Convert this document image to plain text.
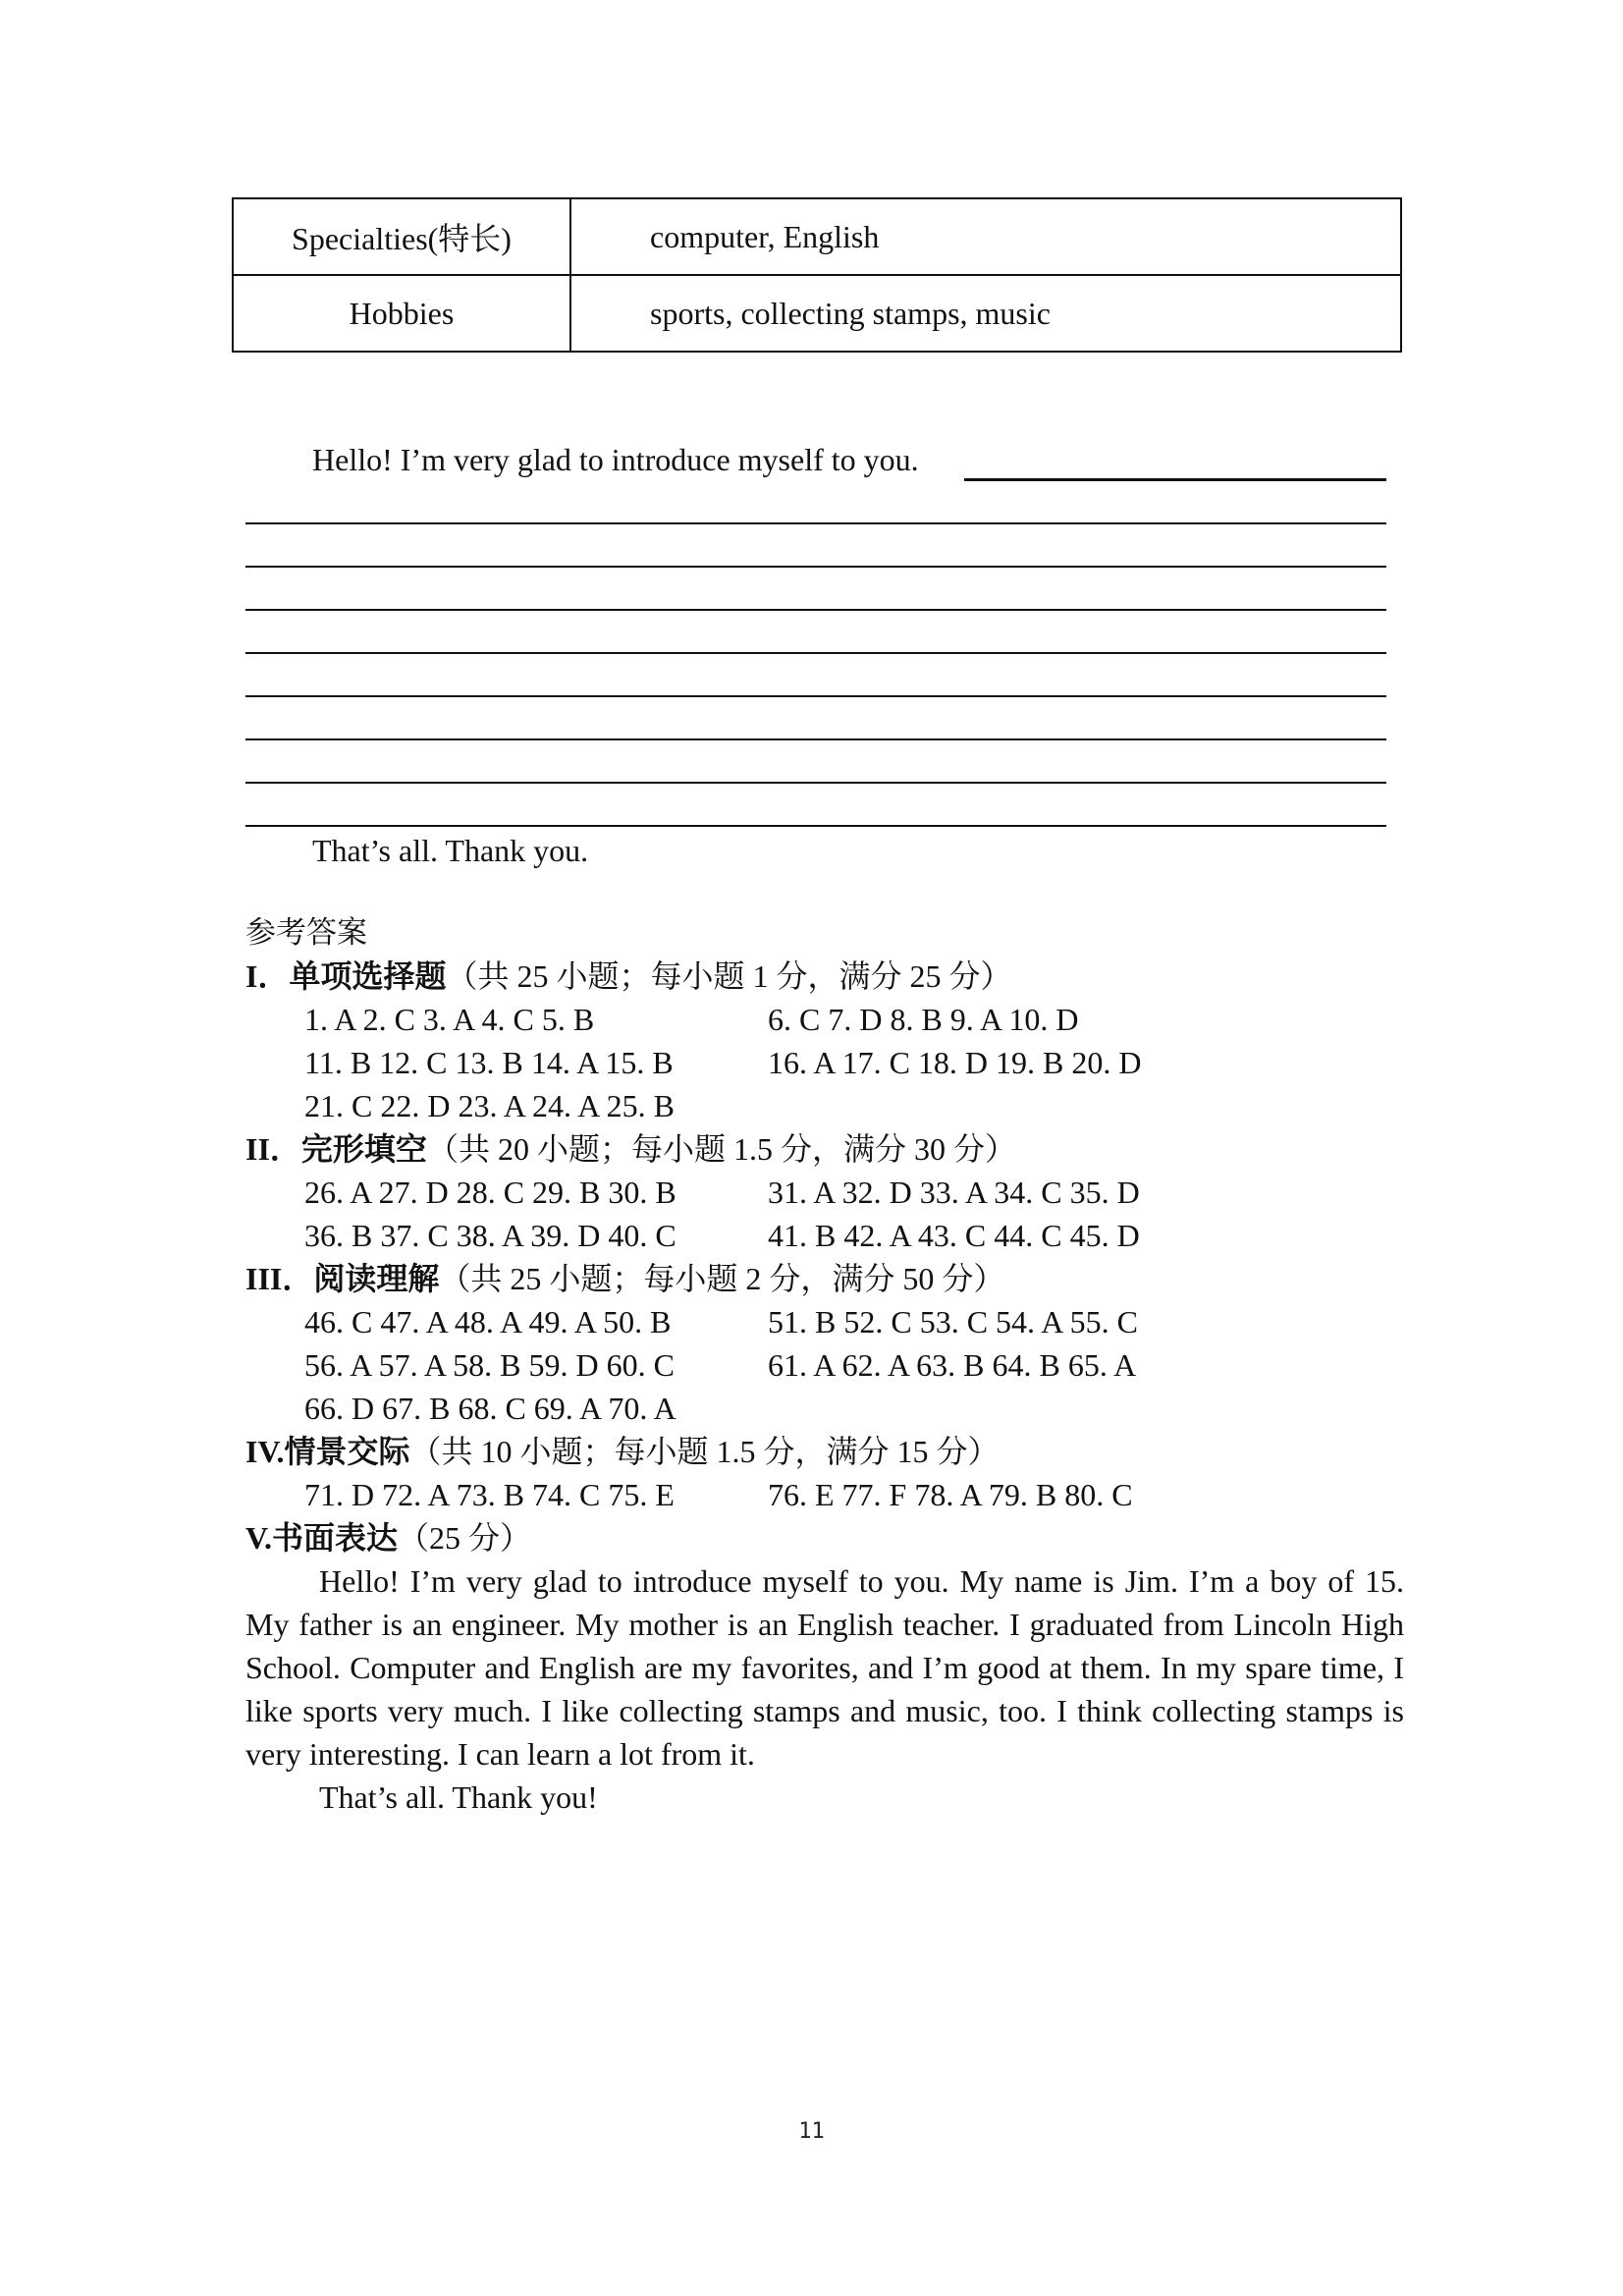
Specialties(特长)	computer, English
Hobbies	sports, collecting stamps, music
Hello! I’m very glad to introduce myself to you.
That’s all. Thank you.
参考答案
I．单项选择题（共 25 小题；每小题 1 分，满分 25 分）
1. A 2. C 3. A 4. C 5. B	6. C 7. D 8. B 9. A 10. D
11. B 12. C 13. B 14. A 15. B	16. A 17. C 18. D 19. B 20. D
21. C 22. D 23. A 24. A 25. B
II．完形填空（共 20 小题；每小题 1.5 分，满分 30 分）
26. A 27. D 28. C 29. B 30. B	31. A 32. D 33. A 34. C 35. D
36. B 37. C 38. A 39. D 40. C	41. B 42. A 43. C 44. C 45. D
III．阅读理解（共 25 小题；每小题 2 分，满分 50 分）
46. C 47. A 48. A 49. A 50. B	51. B 52. C 53. C 54. A 55. C
56. A 57. A 58. B 59. D 60. C	61. A 62. A 63. B 64. B 65. A
66. D 67. B 68. C 69. A 70. A
IV.情景交际（共 10 小题；每小题 1.5 分，满分 15 分）
71. D 72. A 73. B 74. C 75. E	76. E 77. F 78. A 79. B 80. C
V.书面表达（25 分）
Hello! I’m very glad to introduce myself to you. My name is Jim. I’m a boy of 15. My father is an engineer. My mother is an English teacher. I graduated from Lincoln High School. Computer and English are my favorites, and I’m good at them. In my spare time, I like sports very much. I like collecting stamps and music, too. I think collecting stamps is very interesting. I can learn a lot from it.
That’s all. Thank you!
11
